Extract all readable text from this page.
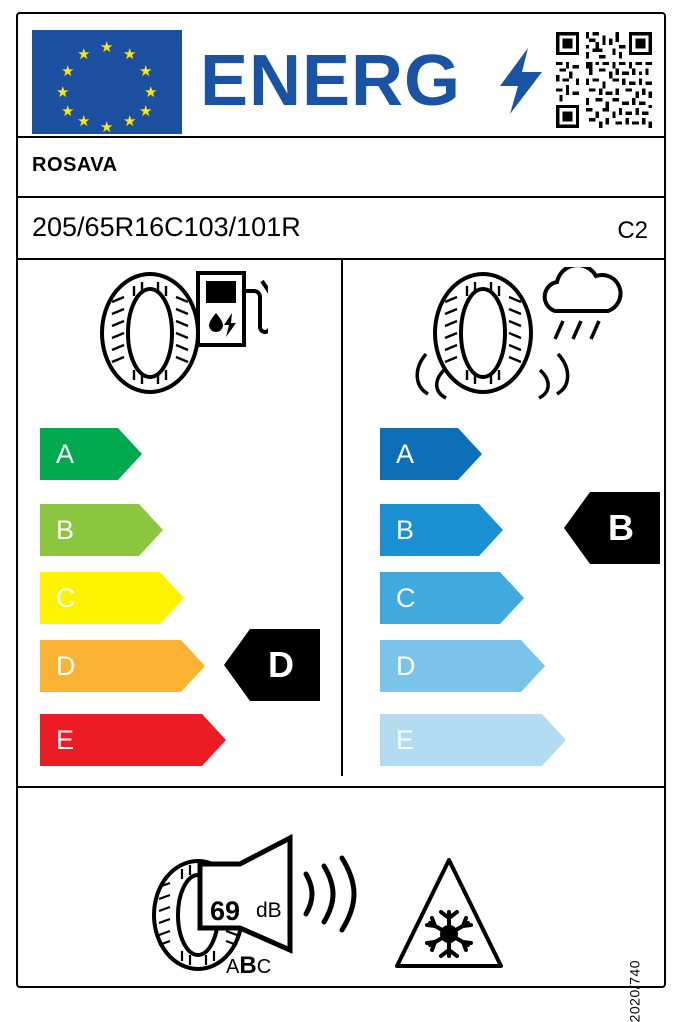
★
★ ★
★	★
★	★
★	★
★ ★
★
ENERG
ROSAVA
205/65R16C103/101R	C2
A
B
C
D
E
D
A
B
C
D
E
B
69 dB
ABC	2020/740
